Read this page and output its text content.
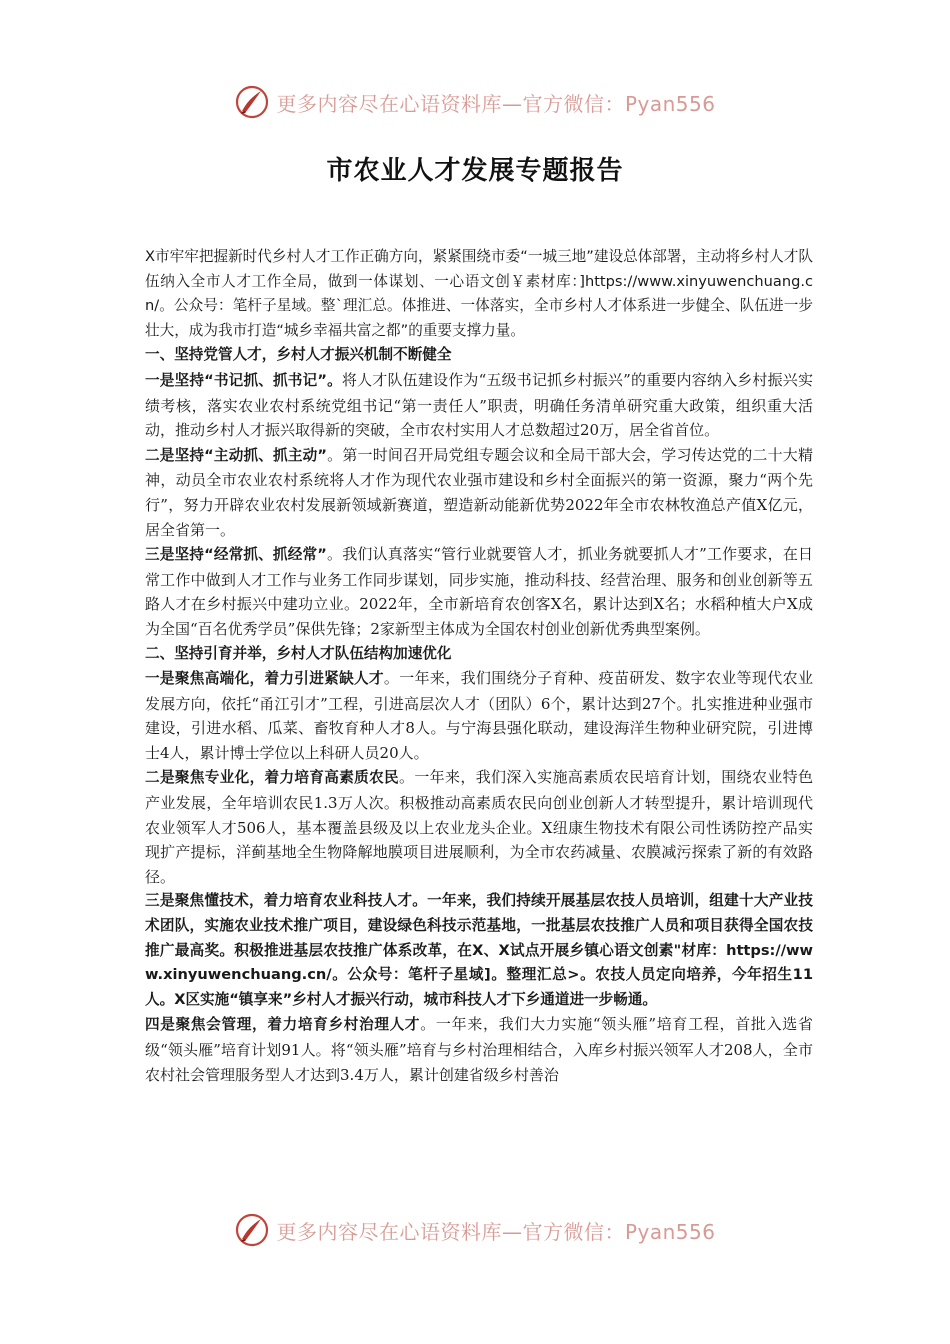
更多内容尽在心语资料库—官方微信：Pyan556
市农业人才发展专题报告

X市牢牢把握新时代乡村人才工作正确方向，紧紧围绕市委“一城三地”建设总体部署，主动将乡村人才队伍纳入全市人才工作全局，做到一体谋划、一心语文创￥素材库：]https://www.xinyuwenchuang.cn/。公众号：笔杆子星域。整`理汇总。体推进、一体落实，全市乡村人才体系进一步健全、队伍进一步壮大，成为我市打造“城乡幸福共富之都”的重要支撑力量。

一、坚持党管人才，乡村人才振兴机制不断健全

一是坚持“书记抓、抓书记”。将人才队伍建设作为“五级书记抓乡村振兴”的重要内容纳入乡村振兴实绩考核，落实农业农村系统党组书记“第一责任人”职责，明确任务清单研究重大政策，组织重大活动，推动乡村人才振兴取得新的突破，全市农村实用人才总数超过20万，居全省首位。

二是坚持“主动抓、抓主动”。第一时间召开局党组专题会议和全局干部大会，学习传达党的二十大精神，动员全市农业农村系统将人才作为现代农业强市建设和乡村全面振兴的第一资源，聚力“两个先行”，努力开辟农业农村发展新领域新赛道，塑造新动能新优势2022年全市农林牧渔总产值X亿元，居全省第一。

三是坚持“经常抓、抓经常”。我们认真落实“管行业就要管人才，抓业务就要抓人才”工作要求，在日常工作中做到人才工作与业务工作同步谋划，同步实施，推动科技、经营治理、服务和创业创新等五路人才在乡村振兴中建功立业。2022年，全市新培育农创客X名，累计达到X名；水稻种植大户X成为全国“百名优秀学员”保供先锋；2家新型主体成为全国农村创业创新优秀典型案例。

二、坚持引育并举，乡村人才队伍结构加速优化

一是聚焦高端化，着力引进紧缺人才。一年来，我们围绕分子育种、疫苗研发、数字农业等现代农业发展方向，依托“甬江引才”工程，引进高层次人才（团队）6个，累计达到27个。扎实推进种业强市建设，引进水稻、瓜菜、畜牧育种人才8人。与宁海县强化联动，建设海洋生物种业研究院，引进博士4人，累计博士学位以上科研人员20人。

二是聚焦专业化，着力培育高素质农民。一年来，我们深入实施高素质农民培育计划，围绕农业特色产业发展，全年培训农民1.3万人次。积极推动高素质农民向创业创新人才转型提升，累计培训现代农业领军人才506人，基本覆盖县级及以上农业龙头企业。X纽康生物技术有限公司性诱防控产品实现扩产提标，洋蓟基地全生物降解地膜项目进展顺利，为全市农药减量、农膜减污探索了新的有效路径。

三是聚焦懂技术，着力培育农业科技人才。一年来，我们持续开展基层农技人员培训，组建十大产业技术团队，实施农业技术推广项目，建设绿色科技示范基地，一批基层农技推广人员和项目获得全国农技推广最高奖。积极推进基层农技推广体系改革，在X、X试点开展乡镇心语文创素"材库：https://www.xinyuwenchuang.cn/。公众号：笔杆子星域]。整理汇总>。农技人员定向培养，今年招生11人。X区实施“镇享来”乡村人才振兴行动，城市科技人才下乡通道进一步畅通。

四是聚焦会管理，着力培育乡村治理人才。一年来，我们大力实施“领头雁”培育工程，首批入选省级“领头雁”培育计划91人。将“领头雁”培育与乡村治理相结合，入库乡村振兴领军人才208人，全市农村社会管理服务型人才达到3.4万人，累计创建省级乡村善治

更多内容尽在心语资料库—官方微信：Pyan556
